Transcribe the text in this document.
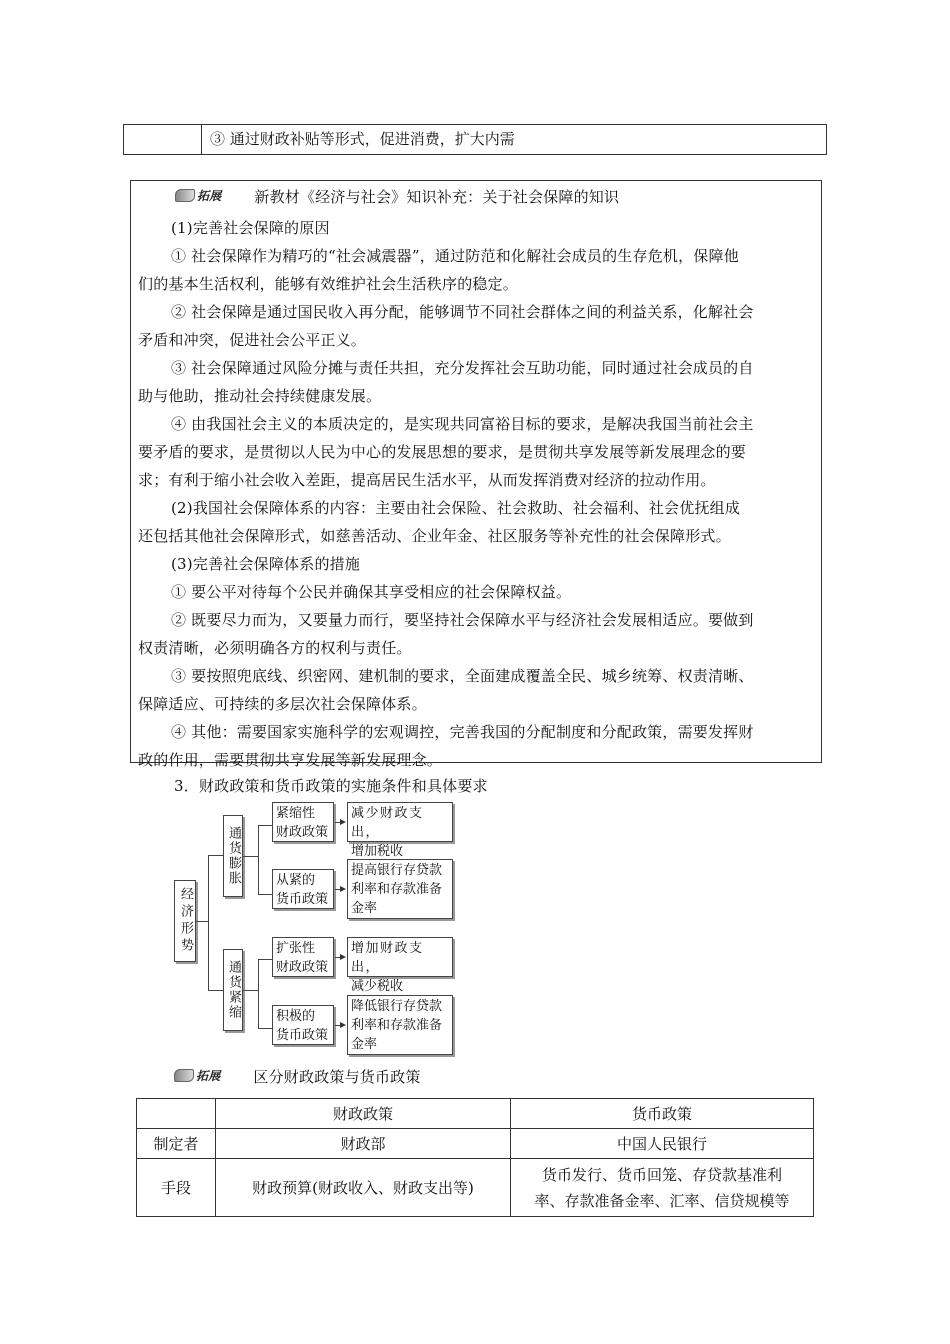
③ 通过财政补贴等形式，促进消费，扩大内需
拓展 新教材《经济与社会》知识补充：关于社会保障的知识
(1)完善社会保障的原因
① 社会保障作为精巧的“社会减震器”，通过防范和化解社会成员的生存危机，保障他
们的基本生活权利，能够有效维护社会生活秩序的稳定。
② 社会保障是通过国民收入再分配，能够调节不同社会群体之间的利益关系，化解社会
矛盾和冲突，促进社会公平正义。
③ 社会保障通过风险分摊与责任共担，充分发挥社会互助功能，同时通过社会成员的自
助与他助，推动社会持续健康发展。
④ 由我国社会主义的本质决定的，是实现共同富裕目标的要求，是解决我国当前社会主
要矛盾的要求，是贯彻以人民为中心的发展思想的要求，是贯彻共享发展等新发展理念的要
求；有利于缩小社会收入差距，提高居民生活水平，从而发挥消费对经济的拉动作用。
(2)我国社会保障体系的内容：主要由社会保险、社会救助、社会福利、社会优抚组成
还包括其他社会保障形式，如慈善活动、企业年金、社区服务等补充性的社会保障形式。
(3)完善社会保障体系的措施
① 要公平对待每个公民并确保其享受相应的社会保障权益。
② 既要尽力而为，又要量力而行，要坚持社会保障水平与经济社会发展相适应。要做到
权责清晰，必须明确各方的权利与责任。
③ 要按照兜底线、织密网、建机制的要求，全面建成覆盖全民、城乡统筹、权责清晰、
保障适应、可持续的多层次社会保障体系。
④ 其他：需要国家实施科学的宏观调控，完善我国的分配制度和分配政策，需要发挥财
政的作用，需要贯彻共享发展等新发展理念。
3．财政政策和货币政策的实施条件和具体要求
经济形势
通货膨胀
通货紧缩
紧缩性
财政政策
从紧的
货币政策
扩张性
财政政策
积极的
货币政策
减少财政支出，
增加税收
提高银行存贷款
利率和存款准备
金率
增加财政支出，
减少税收
降低银行存贷款
利率和存款准备
金率
拓展 区分财政政策与货币政策
	财政政策	货币政策
制定者	财政部	中国人民银行
手段	财政预算(财政收入、财政支出等)	货币发行、货币回笼、存贷款基准利
率、存款准备金率、汇率、信贷规模等
